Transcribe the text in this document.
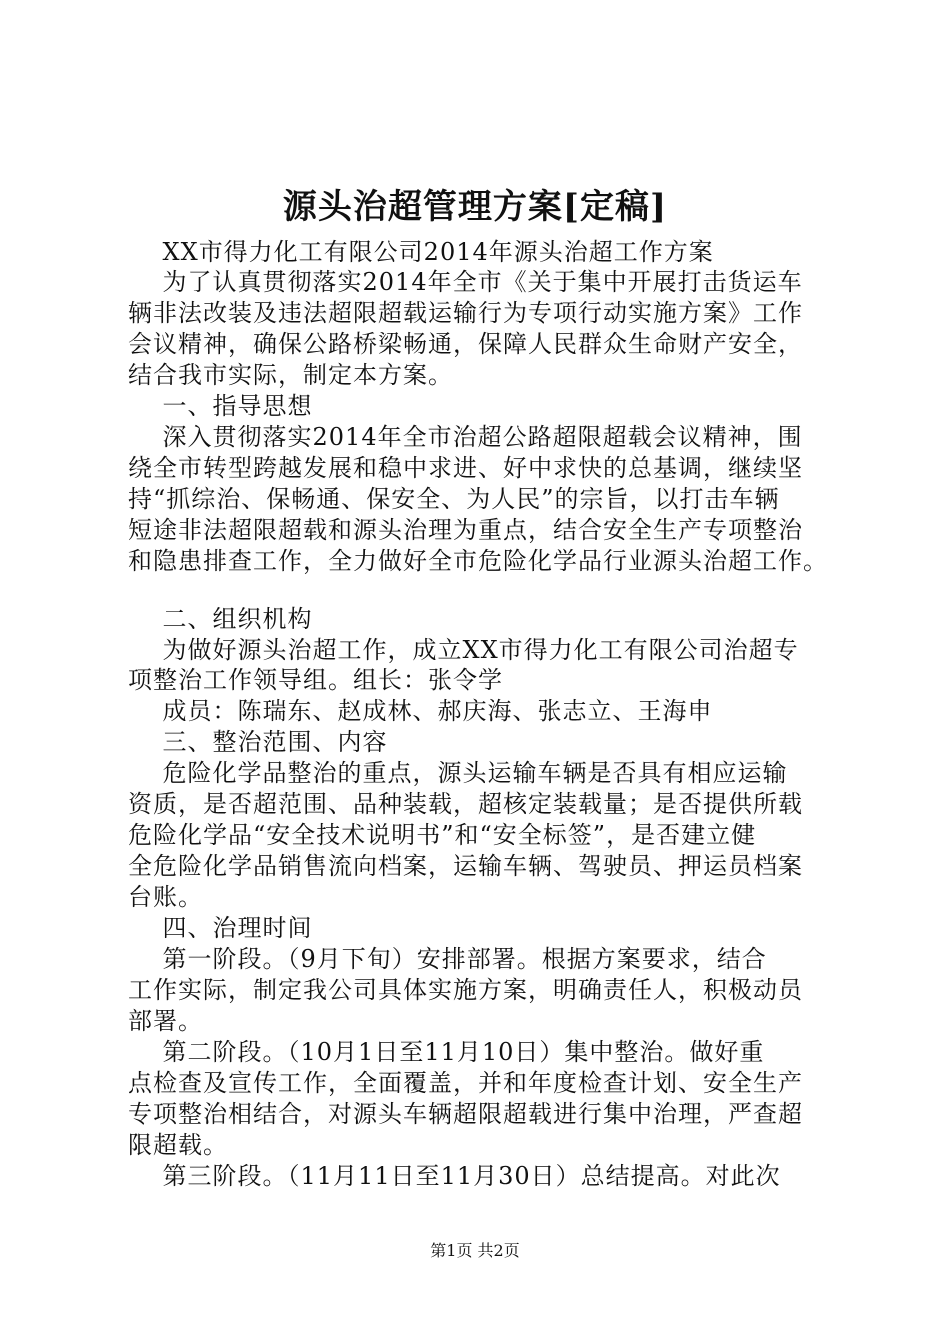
源头治超管理方案[定稿]
XX市得力化工有限公司2014年源头治超工作方案
为了认真贯彻落实2014年全市《关于集中开展打击货运车
辆非法改装及违法超限超载运输行为专项行动实施方案》工作
会议精神，确保公路桥梁畅通，保障人民群众生命财产安全，
结合我市实际，制定本方案。
一、指导思想
深入贯彻落实2014年全市治超公路超限超载会议精神，围
绕全市转型跨越发展和稳中求进、好中求快的总基调，继续坚
持“抓综治、保畅通、保安全、为人民”的宗旨，以打击车辆
短途非法超限超载和源头治理为重点，结合安全生产专项整治
和隐患排查工作，全力做好全市危险化学品行业源头治超工作。
二、组织机构
为做好源头治超工作，成立XX市得力化工有限公司治超专
项整治工作领导组。组长：张令学
成员：陈瑞东、赵成林、郝庆海、张志立、王海申
三、整治范围、内容
危险化学品整治的重点，源头运输车辆是否具有相应运输
资质，是否超范围、品种装载，超核定装载量；是否提供所载
危险化学品“安全技术说明书”和“安全标签”，是否建立健
全危险化学品销售流向档案，运输车辆、驾驶员、押运员档案
台账。
四、治理时间
第一阶段。（9月下旬）安排部署。根据方案要求，结合
工作实际，制定我公司具体实施方案，明确责任人，积极动员
部署。
第二阶段。（10月1日至11月10日）集中整治。做好重
点检查及宣传工作，全面覆盖，并和年度检查计划、安全生产
专项整治相结合，对源头车辆超限超载进行集中治理，严查超
限超载。
第三阶段。（11月11日至11月30日）总结提高。对此次
第1页 共2页
